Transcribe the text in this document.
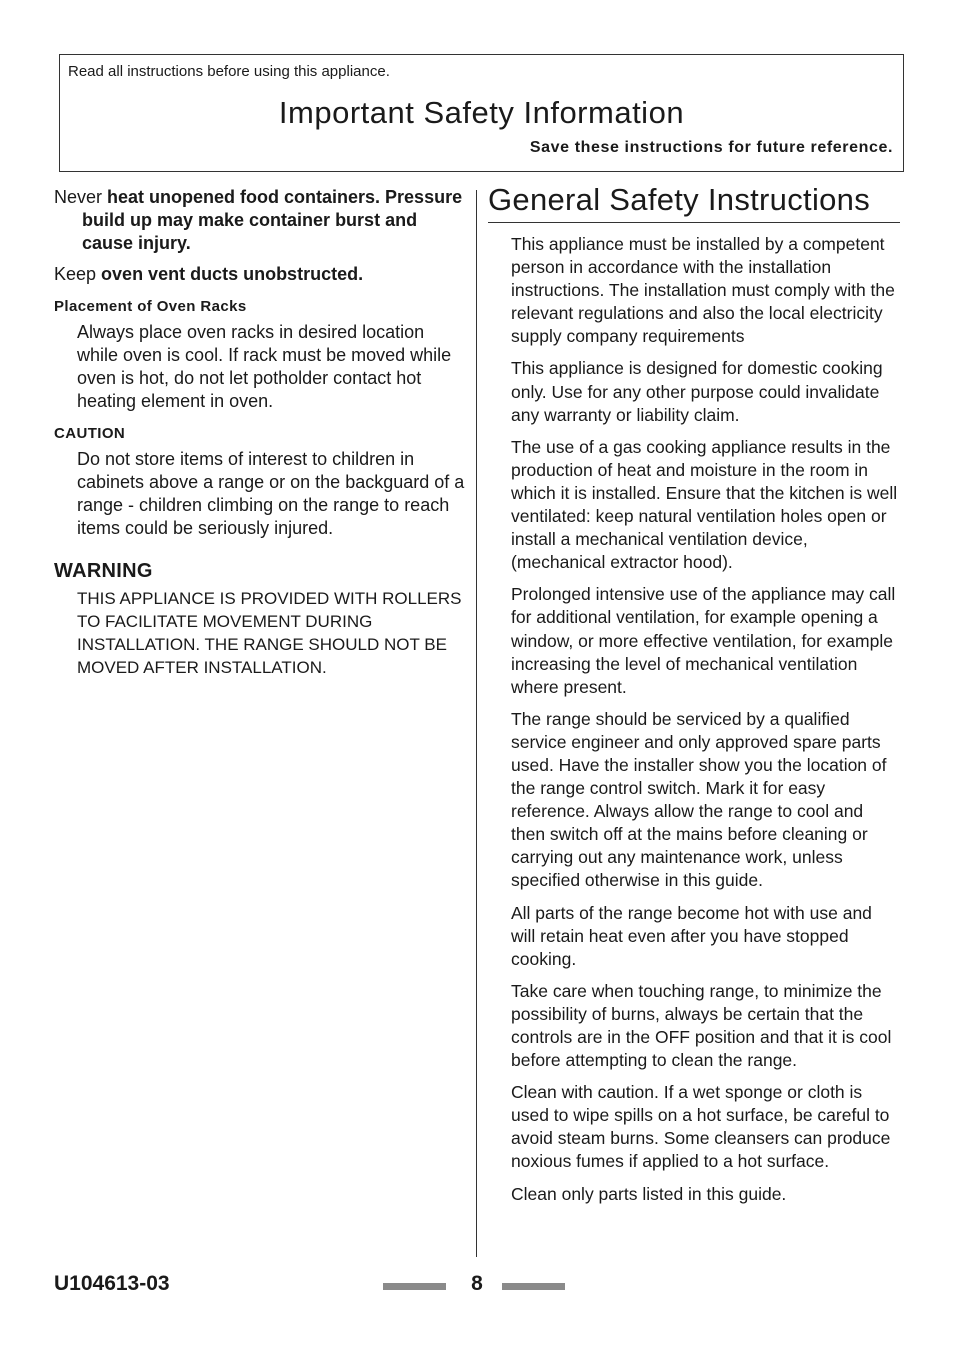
Read all instructions before using this appliance.
Important Safety Information
Save these instructions for future reference.

Never heat unopened food containers. Pressure build up may make container burst and cause injury.

Keep oven vent ducts unobstructed.

Placement of Oven Racks

Always place oven racks in desired location while oven is cool. If rack must be moved while oven is hot, do not let potholder contact hot heating element in oven.

CAUTION

Do not store items of interest to children in cabinets above a range or on the backguard of a range - children climbing on the range to reach items could be seriously injured.

WARNING

THIS APPLIANCE IS PROVIDED WITH ROLLERS TO FACILITATE MOVEMENT DURING INSTALLATION. THE RANGE SHOULD NOT BE MOVED AFTER INSTALLATION.

General Safety Instructions

This appliance must be installed by a competent person in accordance with the installation instructions. The installation must comply with the relevant regulations and also the local electricity supply company requirements

This appliance is designed for domestic cooking only. Use for any other purpose could invalidate any warranty or liability claim.

The use of a gas cooking appliance results in the production of heat and moisture in the room in which it is installed. Ensure that the kitchen is well ventilated: keep natural ventilation holes open or install a mechanical ventilation device, (mechanical extractor hood).

Prolonged intensive use of the appliance may call for additional ventilation, for example opening a window, or more effective ventilation, for example increasing the level of mechanical ventilation where present.

The range should be serviced by a qualified service engineer and only approved spare parts used. Have the installer show you the location of the range control switch. Mark it for easy reference. Always allow the range to cool and then switch off at the mains before cleaning or carrying out any maintenance work, unless specified otherwise in this guide.

All parts of the range become hot with use and will retain heat even after you have stopped cooking.

Take care when touching range, to minimize the possibility of burns, always be certain that the controls are in the OFF position and that it is cool before attempting to clean the range.

Clean with caution. If a wet sponge or cloth is used to wipe spills on a hot surface, be careful to avoid steam burns. Some cleansers can produce noxious fumes if applied to a hot surface.

Clean only parts listed in this guide.

U104613-03	8
